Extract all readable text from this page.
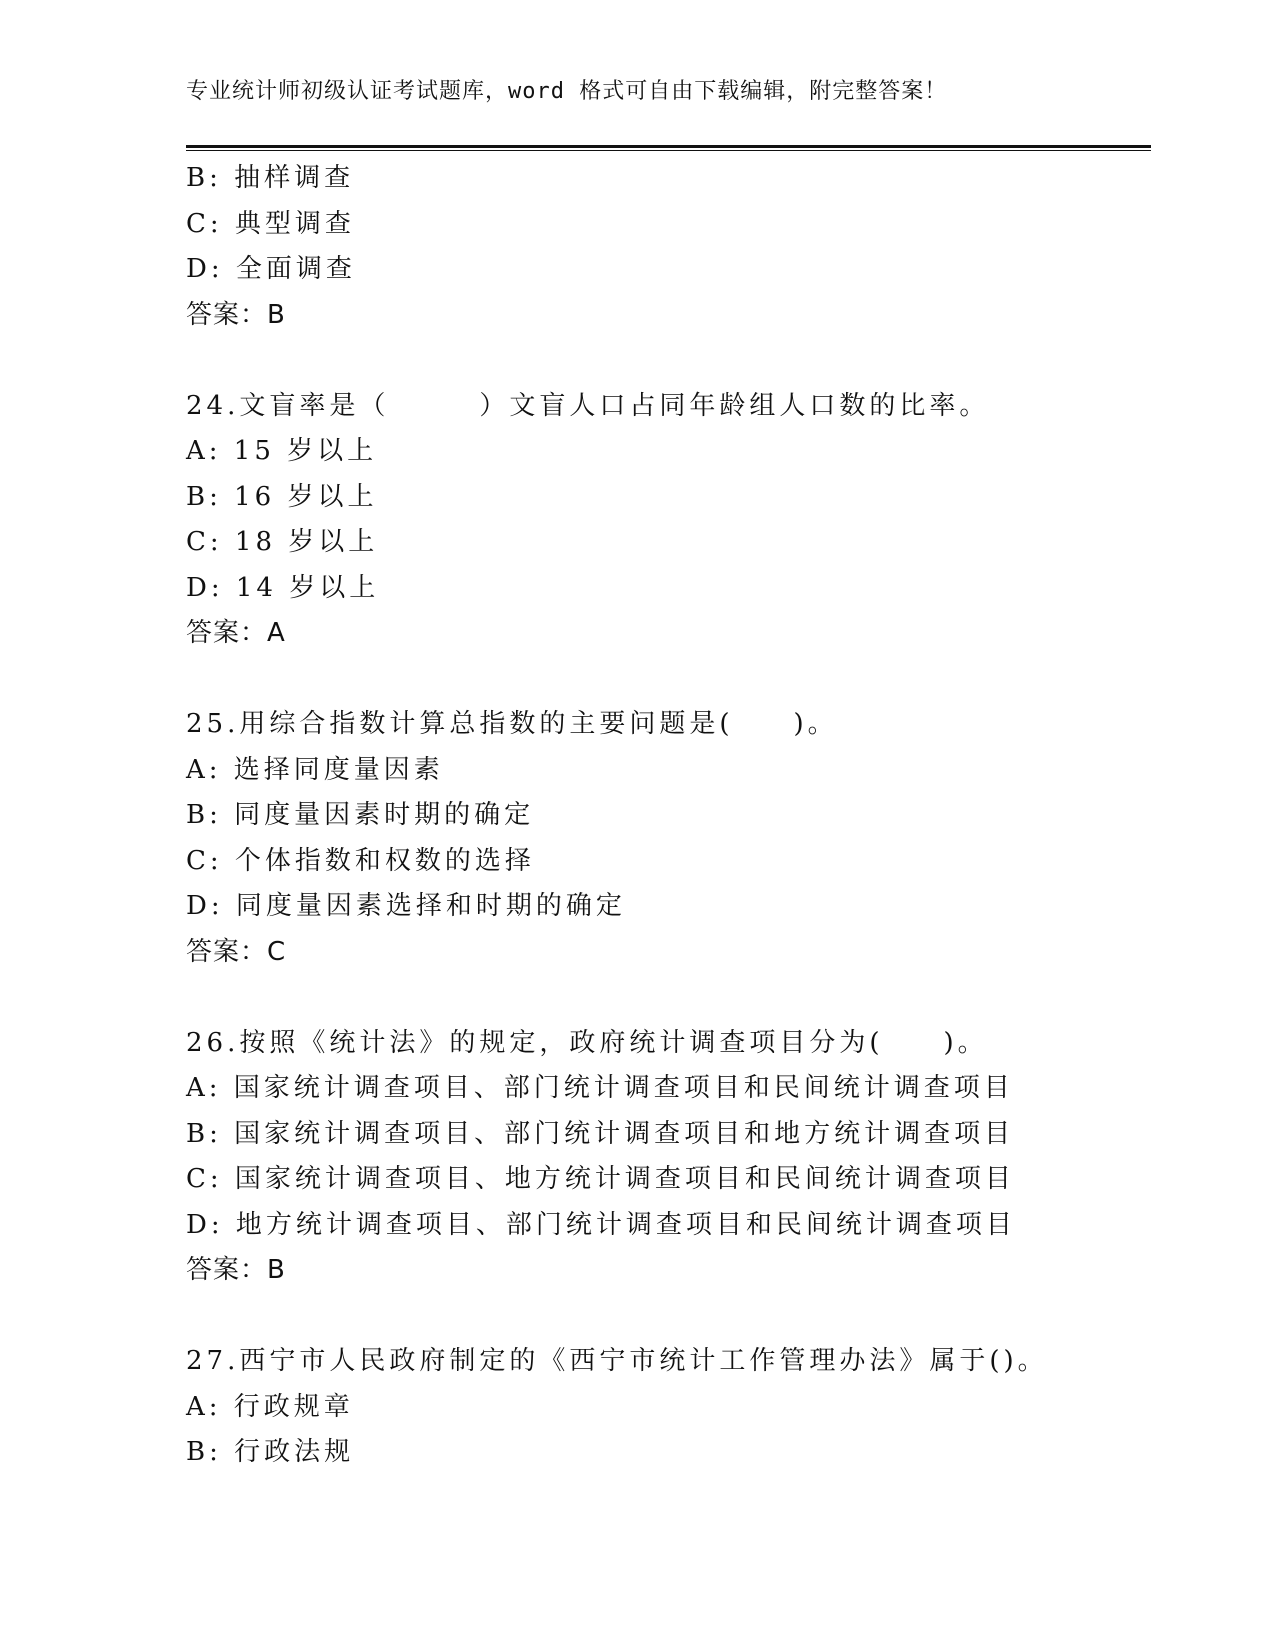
专业统计师初级认证考试题库，word 格式可自由下载编辑，附完整答案！
B: 抽样调查
C: 典型调查
D: 全面调查
答案：B
24.文盲率是（　　　）文盲人口占同年龄组人口数的比率。
A: 15 岁以上
B: 16 岁以上
C: 18 岁以上
D: 14 岁以上
答案：A
25.用综合指数计算总指数的主要问题是(　　)。
A: 选择同度量因素
B: 同度量因素时期的确定
C: 个体指数和权数的选择
D: 同度量因素选择和时期的确定
答案：C
26.按照《统计法》的规定，政府统计调查项目分为(　　)。
A: 国家统计调查项目、部门统计调查项目和民间统计调查项目
B: 国家统计调查项目、部门统计调查项目和地方统计调查项目
C: 国家统计调查项目、地方统计调查项目和民间统计调查项目
D: 地方统计调查项目、部门统计调查项目和民间统计调查项目
答案：B
27.西宁市人民政府制定的《西宁市统计工作管理办法》属于()。
A: 行政规章
B: 行政法规
